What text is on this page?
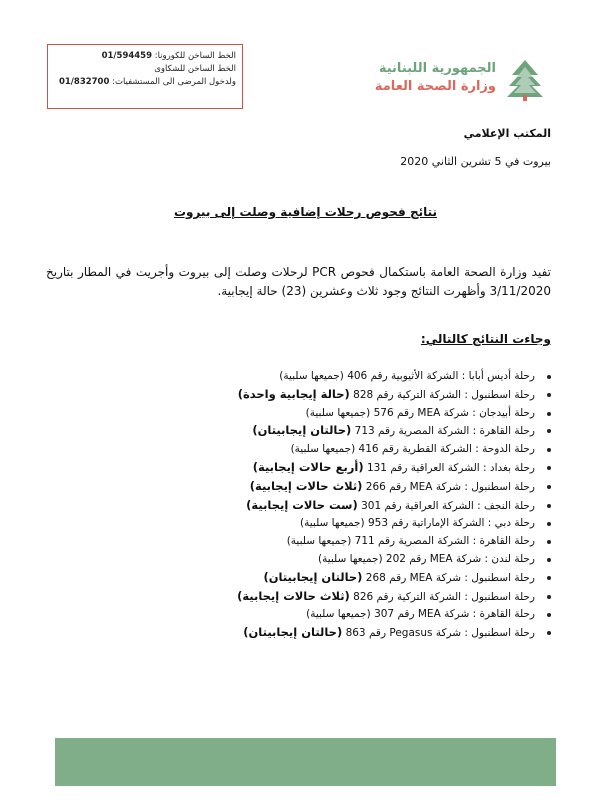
الخط الساخن للكورونا: 01/594459
الخط الساخن للشكاوى
ولدخول المرضى الى المستشفيات: 01/832700
الجمهورية اللبنانية
وزارة الصحة العامة
المكتب الإعلامي
بيروت في 5 تشرين الثاني 2020
نتائج فحوص رحلات إضافية وصلت إلى بيروت
تفيد وزارة الصحة العامة باستكمال فحوص PCR لرحلات وصلت إلى بيروت وأجريت في المطار بتاريخ 3/11/2020 وأظهرت النتائج وجود ثلاث وعشرين (23) حالة إيجابية.
وجاءت النتائج كالتالي:
رحلة أديس أبابا : الشركة الأثيوبية رقم 406 (جميعها سلبية)
رحلة اسطنبول : الشركة التركية رقم 828 (حالة إيجابية واحدة)
رحلة أبيدجان : شركة MEA رقم 576 (جميعها سلبية)
رحلة القاهرة : الشركة المصرية رقم 713 (حالتان إيجابيتان)
رحلة الدوحة : الشركة القطرية رقم 416 (جميعها سلبية)
رحلة بغداد : الشركة العراقية رقم 131 (أربع حالات إيجابية)
رحلة اسطنبول : شركة MEA رقم 266 (ثلاث حالات إيجابية)
رحلة النجف : الشركة العراقية رقم 301 (ست حالات إيجابية)
رحلة دبي : الشركة الإماراتية رقم 953 (جميعها سلبية)
رحلة القاهرة : الشركة المصرية رقم 711 (جميعها سلبية)
رحلة لندن : شركة MEA رقم 202 (جميعها سلبية)
رحلة اسطنبول : شركة MEA رقم 268 (حالتان إيجابيتان)
رحلة اسطنبول : الشركة التركية رقم 826 (ثلاث حالات إيجابية)
رحلة القاهرة : شركة MEA رقم 307 (جميعها سلبية)
رحلة اسطنبول : شركة Pegasus رقم 863 (حالتان إيجابيتان)
